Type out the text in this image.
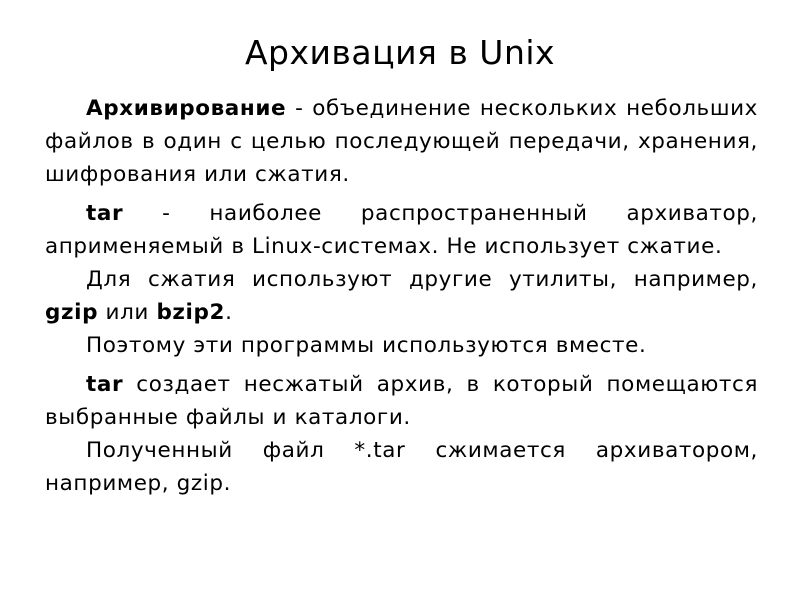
Архивация в Unix

Архивирование - объединение нескольких небольших файлов в один с целью последующей передачи, хранения, шифрования или сжатия.

tar - наиболее распространенный архиватор, априменяемый в Linux-системах. Не использует сжатие.

Для сжатия используют другие утилиты, например, gzip или bzip2.

Поэтому эти программы используются вместе.

tar создает несжатый архив, в который помещаются выбранные файлы и каталоги.

Полученный файл *.tar сжимается архиватором, например, gzip.
